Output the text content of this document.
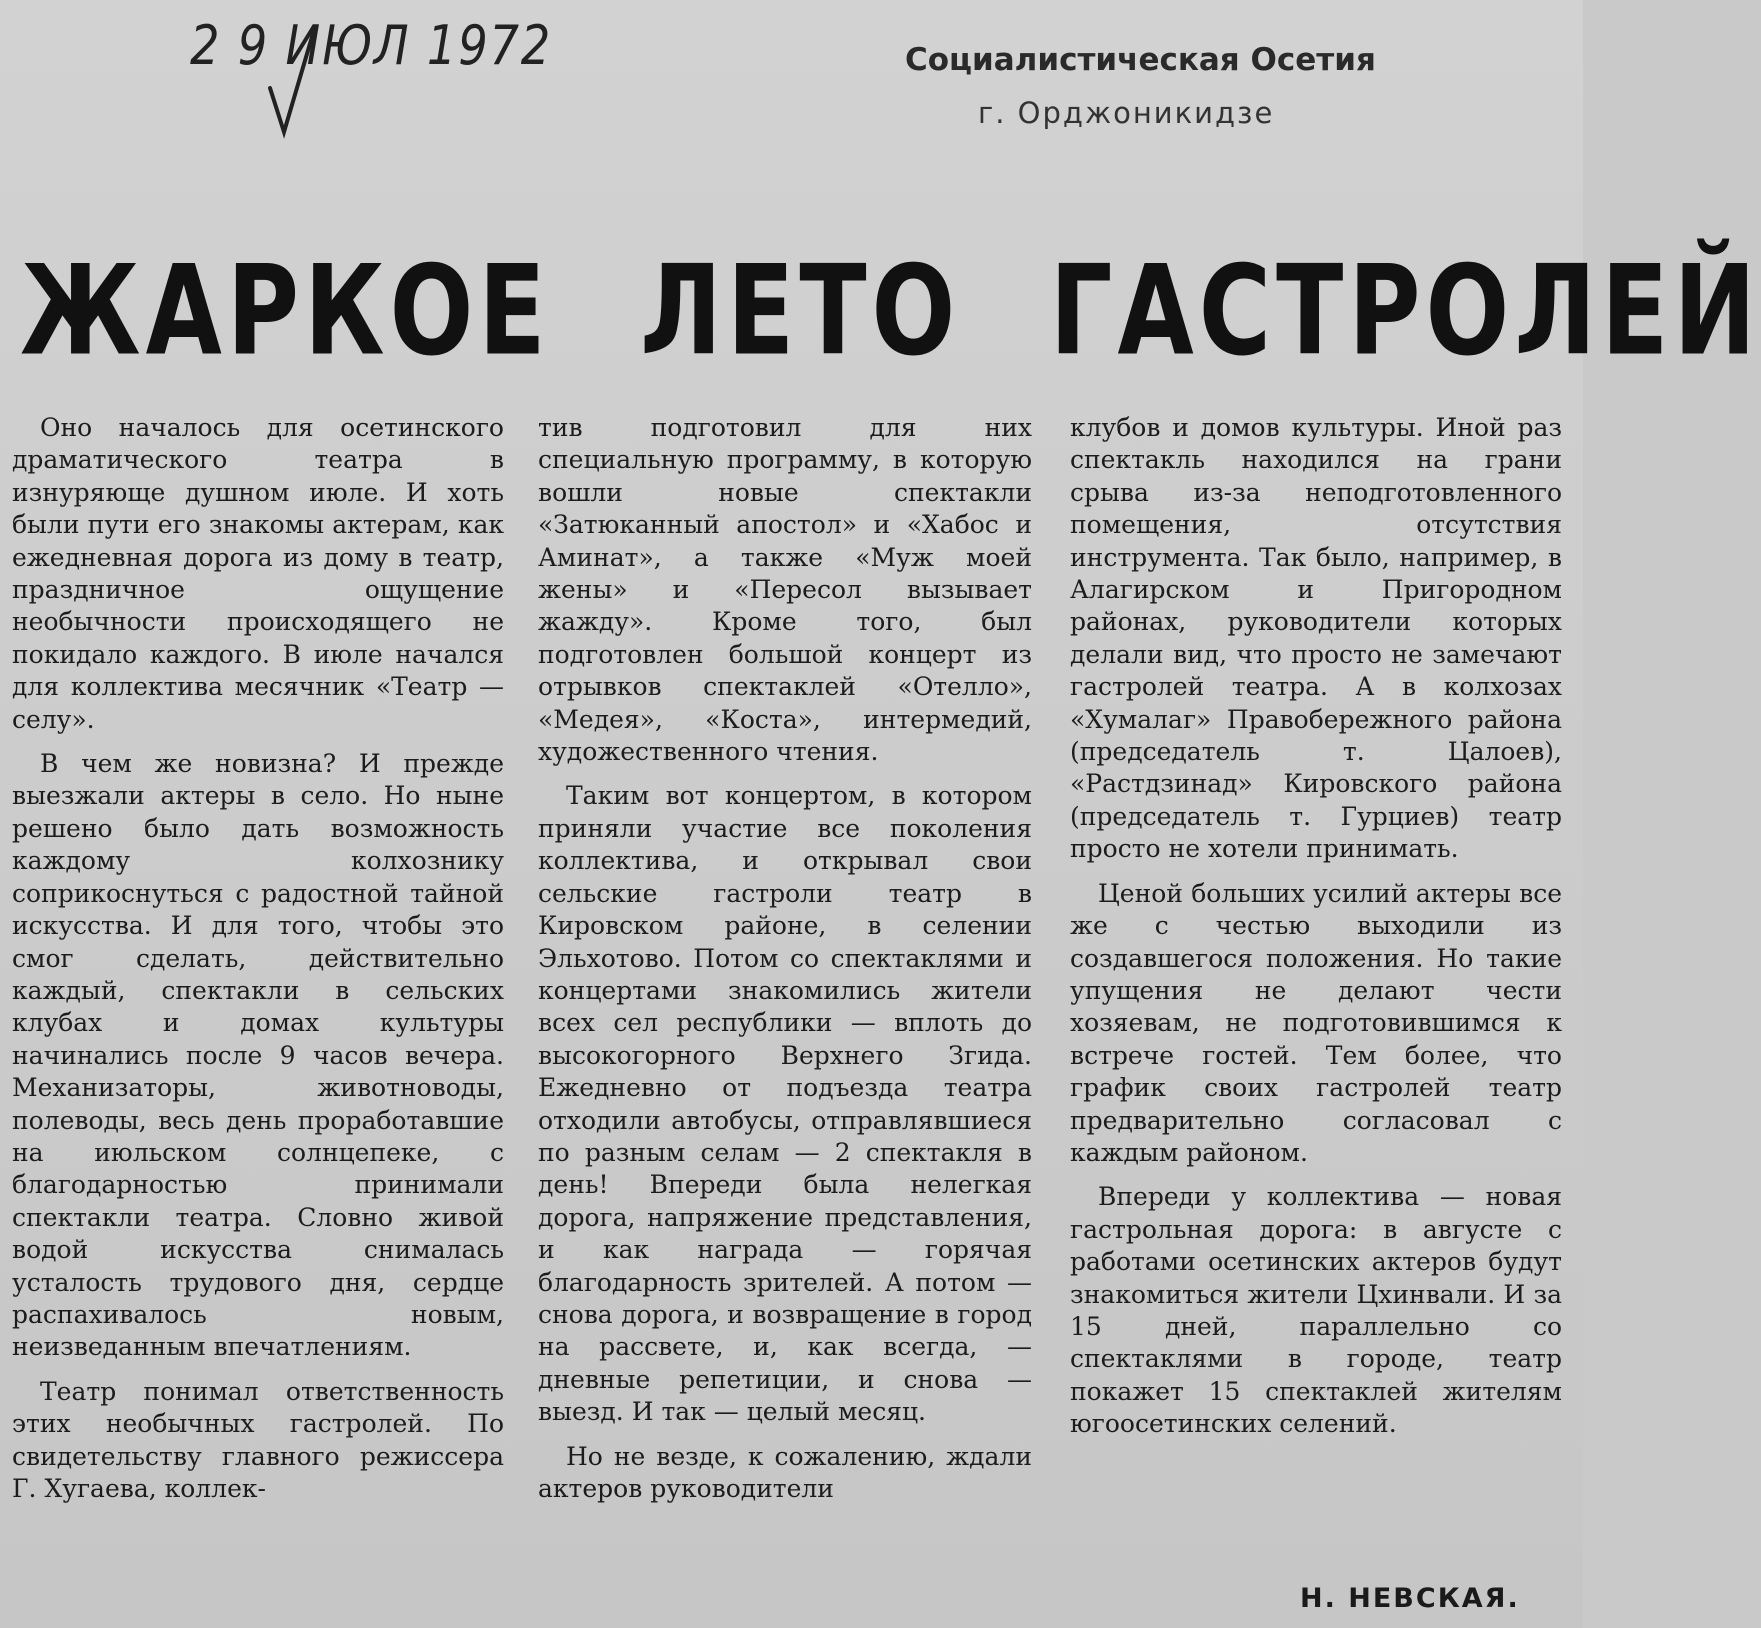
2 9 ИЮЛ 1972	Социалистическая Осетия
г. Орджоникидзе
ЖАРКОЕ ЛЕТО ГАСТРОЛЕЙ

Оно началось для осетинского драматического театра в изнуряюще душном июле. И хоть были пути его знакомы актерам, как ежедневная дорога из дому в театр, праздничное ощущение необычности происходящего не покидало каждого. В июле начался для коллектива месячник «Театр — селу».

В чем же новизна? И прежде выезжали актеры в село. Но ныне решено было дать возможность каждому колхознику соприкоснуться с радостной тайной искусства. И для того, чтобы это смог сделать, действительно каждый, спектакли в сельских клубах и домах культуры начинались после 9 часов вечера. Механизаторы, животноводы, полеводы, весь день проработавшие на июльском солнцепеке, с благодарностью принимали спектакли театра. Словно живой водой искусства снималась усталость трудового дня, сердце распахивалось новым, неизведанным впечатлениям.

Театр понимал ответственность этих необычных гастролей. По свидетельству главного режиссера Г. Хугаева, коллек-

тив подготовил для них специальную программу, в которую вошли новые спектакли «Затюканный апостол» и «Хабос и Аминат», а также «Муж моей жены» и «Пересол вызывает жажду». Кроме того, был подготовлен большой концерт из отрывков спектаклей «Отелло», «Медея», «Коста», интермедий, художественного чтения.

Таким вот концертом, в котором приняли участие все поколения коллектива, и открывал свои сельские гастроли театр в Кировском районе, в селении Эльхотово. Потом со спектаклями и концертами знакомились жители всех сел республики — вплоть до высокогорного Верхнего Згида. Ежедневно от подъезда театра отходили автобусы, отправлявшиеся по разным селам — 2 спектакля в день! Впереди была нелегкая дорога, напряжение представления, и как награда — горячая благодарность зрителей. А потом — снова дорога, и возвращение в город на рассвете, и, как всегда, — дневные репетиции, и снова — выезд. И так — целый месяц.

Но не везде, к сожалению, ждали актеров руководители

клубов и домов культуры. Иной раз спектакль находился на грани срыва из-за неподготовленного помещения, отсутствия инструмента. Так было, например, в Алагирском и Пригородном районах, руководители которых делали вид, что просто не замечают гастролей театра. А в колхозах «Хумалаг» Правобережного района (председатель т. Цалоев), «Растдзинад» Кировского района (председатель т. Гурциев) театр просто не хотели принимать.

Ценой больших усилий актеры все же с честью выходили из создавшегося положения. Но такие упущения не делают чести хозяевам, не подготовившимся к встрече гостей. Тем более, что график своих гастролей театр предварительно согласовал с каждым районом.

Впереди у коллектива — новая гастрольная дорога: в августе с работами осетинских актеров будут знакомиться жители Цхинвали. И за 15 дней, параллельно со спектаклями в городе, театр покажет 15 спектаклей жителям югоосетинских селений.

Н. НЕВСКАЯ.
